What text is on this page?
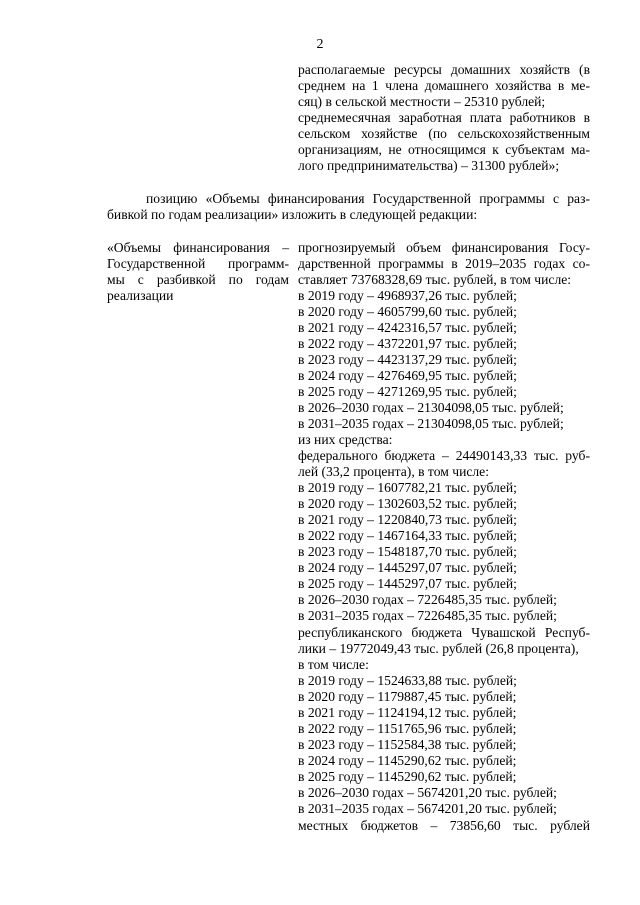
2
располагаемые ресурсы домашних хозяйств (в
среднем на 1 члена домашнего хозяйства в ме-
сяц) в сельской местности – 25310 рублей;
среднемесячная заработная плата работников в
сельском хозяйстве (по сельскохозяйственным
организациям, не относящимся к субъектам ма-
лого предпринимательства) – 31300 рублей»;
позицию «Объемы финансирования Государственной программы с раз-
бивкой по годам реализации» изложить в следующей редакции:
«Объемы финансирования –
Государственной программ-
мы с разбивкой по годам
реализации
прогнозируемый объем финансирования Госу-
дарственной программы в 2019–2035 годах со-
ставляет 73768328,69 тыс. рублей, в том числе:
в 2019 году – 4968937,26 тыс. рублей;
в 2020 году – 4605799,60 тыс. рублей;
в 2021 году – 4242316,57 тыс. рублей;
в 2022 году – 4372201,97 тыс. рублей;
в 2023 году – 4423137,29 тыс. рублей;
в 2024 году – 4276469,95 тыс. рублей;
в 2025 году – 4271269,95 тыс. рублей;
в 2026–2030 годах – 21304098,05 тыс. рублей;
в 2031–2035 годах – 21304098,05 тыс. рублей;
из них средства:
федерального бюджета – 24490143,33 тыс. руб-
лей (33,2 процента), в том числе:
в 2019 году – 1607782,21 тыс. рублей;
в 2020 году – 1302603,52 тыс. рублей;
в 2021 году – 1220840,73 тыс. рублей;
в 2022 году – 1467164,33 тыс. рублей;
в 2023 году – 1548187,70 тыс. рублей;
в 2024 году – 1445297,07 тыс. рублей;
в 2025 году – 1445297,07 тыс. рублей;
в 2026–2030 годах – 7226485,35 тыс. рублей;
в 2031–2035 годах – 7226485,35 тыс. рублей;
республиканского бюджета Чувашской Респуб-
лики – 19772049,43 тыс. рублей (26,8 процента),
в том числе:
в 2019 году – 1524633,88 тыс. рублей;
в 2020 году – 1179887,45 тыс. рублей;
в 2021 году – 1124194,12 тыс. рублей;
в 2022 году – 1151765,96 тыс. рублей;
в 2023 году – 1152584,38 тыс. рублей;
в 2024 году – 1145290,62 тыс. рублей;
в 2025 году – 1145290,62 тыс. рублей;
в 2026–2030 годах – 5674201,20 тыс. рублей;
в 2031–2035 годах – 5674201,20 тыс. рублей;
местных бюджетов – 73856,60 тыс. рублей
